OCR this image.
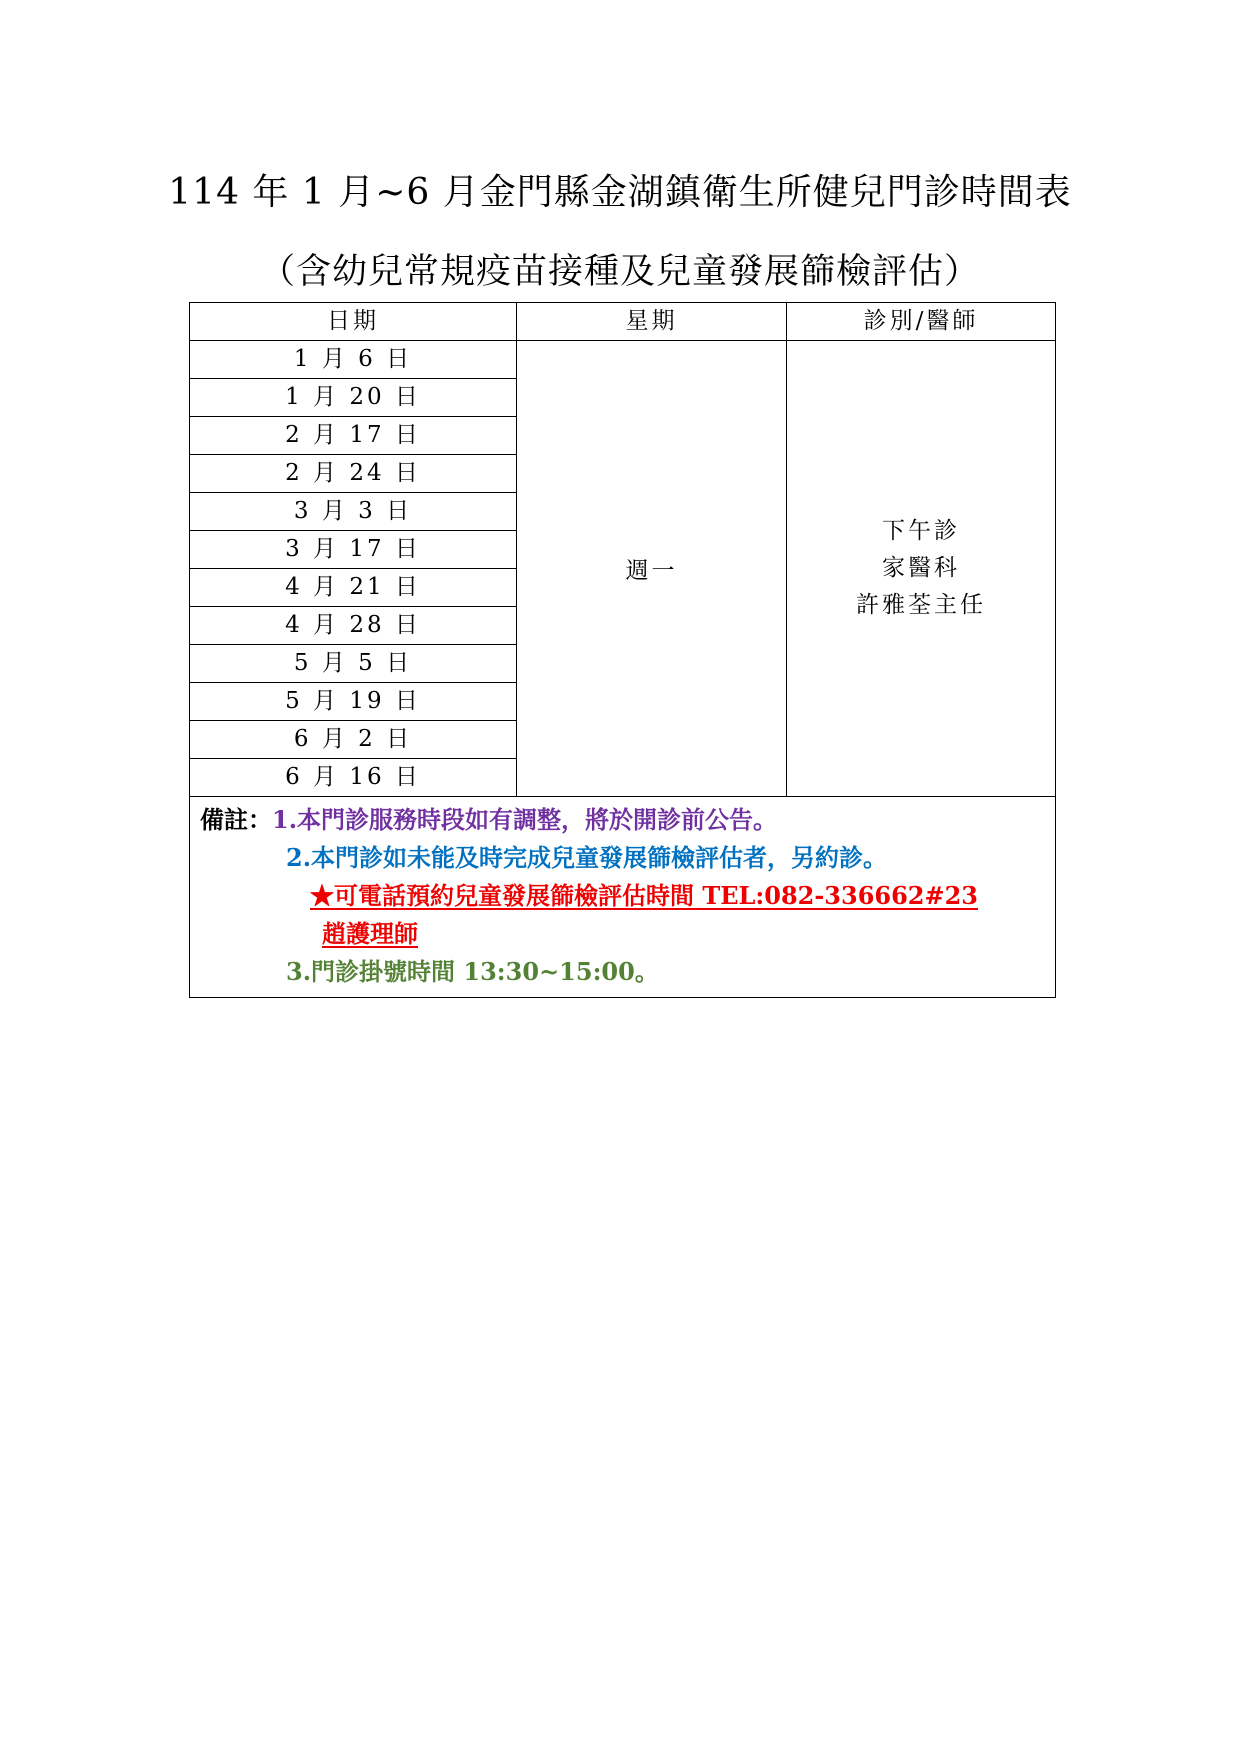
114 年 1 月~6 月金門縣金湖鎮衛生所健兒門診時間表
（含幼兒常規疫苗接種及兒童發展篩檢評估）
日期	星期	診別/醫師
1 月 6 日	週一	下午診
家醫科
許雅荃主任

1 月 20 日		
2 月 17 日		
2 月 24 日		
3 月 3 日		
3 月 17 日		
4 月 21 日		
4 月 28 日		
5 月 5 日		
5 月 19 日		
6 月 2 日		
6 月 16 日		

備註：1.本門診服務時段如有調整，將於開診前公告。
2.本門診如未能及時完成兒童發展篩檢評估者，另約診。
★可電話預約兒童發展篩檢評估時間 TEL:082-336662#23
趙護理師
3.門診掛號時間 13:30~15:00。		
